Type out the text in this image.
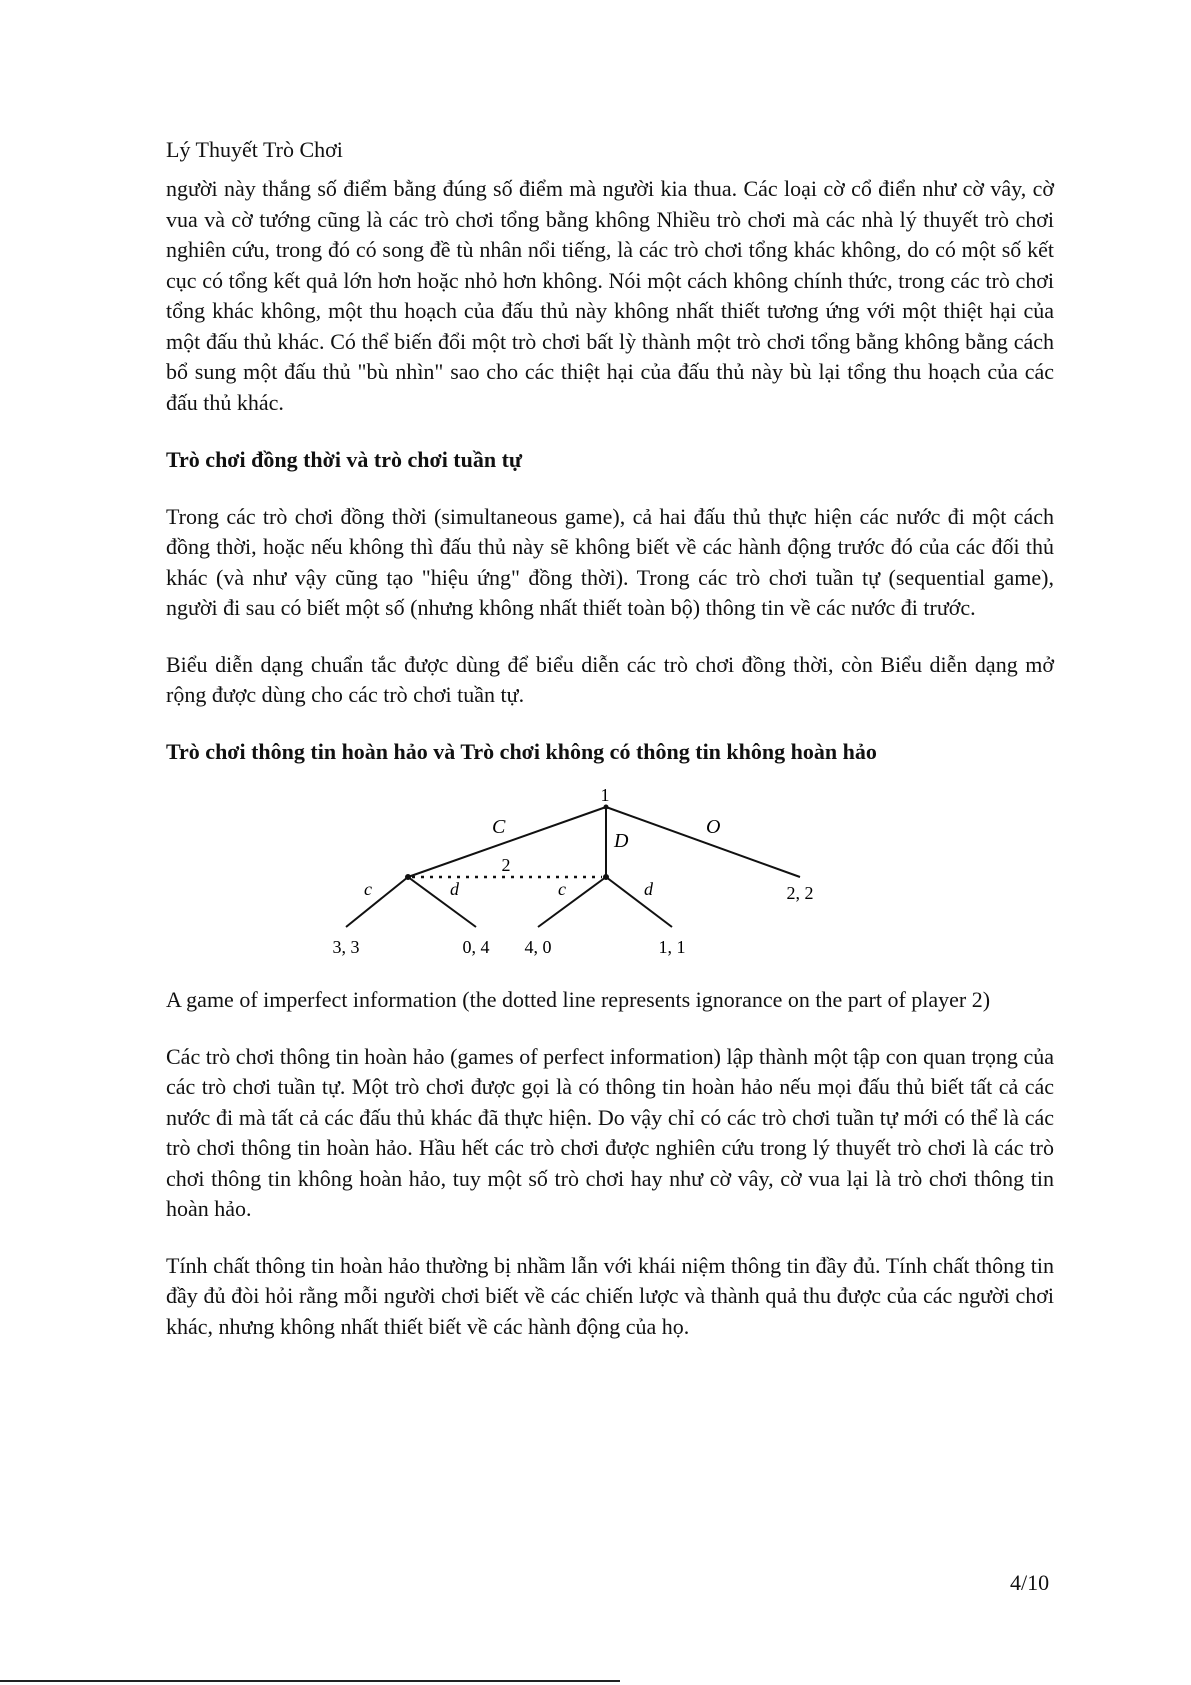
Lý Thuyết Trò Chơi

người này thắng số điểm bằng đúng số điểm mà người kia thua. Các loại cờ cổ điển như cờ vây, cờ vua và cờ tướng cũng là các trò chơi tổng bằng không Nhiều trò chơi mà các nhà lý thuyết trò chơi nghiên cứu, trong đó có song đề tù nhân nổi tiếng, là các trò chơi tổng khác không, do có một số kết cục có tổng kết quả lớn hơn hoặc nhỏ hơn không. Nói một cách không chính thức, trong các trò chơi tổng khác không, một thu hoạch của đấu thủ này không nhất thiết tương ứng với một thiệt hại của một đấu thủ khác. Có thể biến đổi một trò chơi bất lỳ thành một trò chơi tổng bằng không bằng cách bổ sung một đấu thủ "bù nhìn" sao cho các thiệt hại của đấu thủ này bù lại tổng thu hoạch của các đấu thủ khác.

Trò chơi đồng thời và trò chơi tuần tự

Trong các trò chơi đồng thời (simultaneous game), cả hai đấu thủ thực hiện các nước đi một cách đồng thời, hoặc nếu không thì đấu thủ này sẽ không biết về các hành động trước đó của các đối thủ khác (và như vậy cũng tạo "hiệu ứng" đồng thời). Trong các trò chơi tuần tự (sequential game), người đi sau có biết một số (nhưng không nhất thiết toàn bộ) thông tin về các nước đi trước.

Biểu diễn dạng chuẩn tắc được dùng để biểu diễn các trò chơi đồng thời, còn Biểu diễn dạng mở rộng được dùng cho các trò chơi tuần tự.

Trò chơi thông tin hoàn hảo và Trò chơi không có thông tin không hoàn hảo

1
C
D
O
2
c	d	c	d
3, 3	0, 4 4, 0	1, 1
2, 2

A game of imperfect information (the dotted line represents ignorance on the part of player 2)

Các trò chơi thông tin hoàn hảo (games of perfect information) lập thành một tập con quan trọng của các trò chơi tuần tự. Một trò chơi được gọi là có thông tin hoàn hảo nếu mọi đấu thủ biết tất cả các nước đi mà tất cả các đấu thủ khác đã thực hiện. Do vậy chỉ có các trò chơi tuần tự mới có thể là các trò chơi thông tin hoàn hảo. Hầu hết các trò chơi được nghiên cứu trong lý thuyết trò chơi là các trò chơi thông tin không hoàn hảo, tuy một số trò chơi hay như cờ vây, cờ vua lại là trò chơi thông tin hoàn hảo.

Tính chất thông tin hoàn hảo thường bị nhầm lẫn với khái niệm thông tin đầy đủ. Tính chất thông tin đầy đủ đòi hỏi rằng mỗi người chơi biết về các chiến lược và thành quả thu được của các người chơi khác, nhưng không nhất thiết biết về các hành động của họ.

4/10
